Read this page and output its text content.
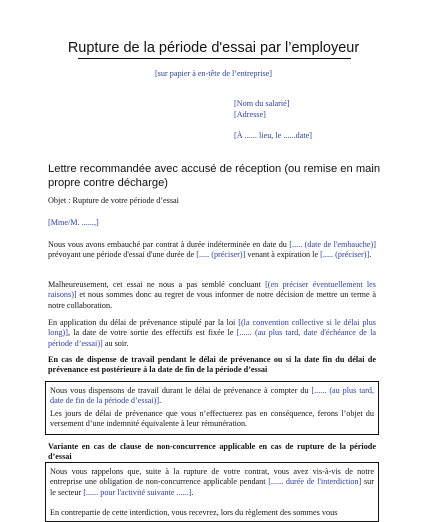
Rupture de la période d'essai par l’employeur
[sur papier à en-tête de l’entreprise]
[Nom du salarié]
[Adresse]
[À ...... lieu, le ......date]
Lettre recommandée avec accusé de réception (ou remise en main propre contre décharge)
Objet : Rupture de votre période d’essai
[Mme/M. ......,]
Nous vous avons embauché par contrat à durée indéterminée en date du [..... (date de l'embauche)] prévoyant une période d'essai d'une durée de [..... (préciser)] venant à expiration le [..... (préciser)].
Malheureusement, cet essai ne nous a pas semblé concluant [(en préciser éventuellement les raisons)] et nous sommes donc au regret de vous informer de notre décision de mettre un terme à notre collaboration.
En application du délai de prévenance stipulé par la loi [(la convention collective si le délai plus long)], la date de votre sortie des effectifs est fixée le [...... (au plus tard, date d'échéance de la période d’essai)] au soir.
En cas de dispense de travail pendant le délai de prévenance ou si la date fin du délai de prévenance est postérieure à la date de fin de la période d’essai
Nous vous dispensons de travail durant le délai de prévenance à compter du [...... (au plus tard, date de fin de la période d’essai)].
Les jours de délai de prévenance que vous n’effectuerez pas en conséquence, ferons l’objet du versement d’une indemnité équivalente à leur rémunération.
Variante en cas de clause de non-concurrence applicable en cas de rupture de la période d’essai
Nous vous rappelons que, suite à la rupture de votre contrat, vous avez vis-à-vis de notre entreprise une obligation de non-concurrence applicable pendant [...... durée de l'interdiction] sur le secteur [...... pour l'activité suivante ......].
En contrepartie de cette interdiction, vous recevrez, lors du règlement des sommes vous
